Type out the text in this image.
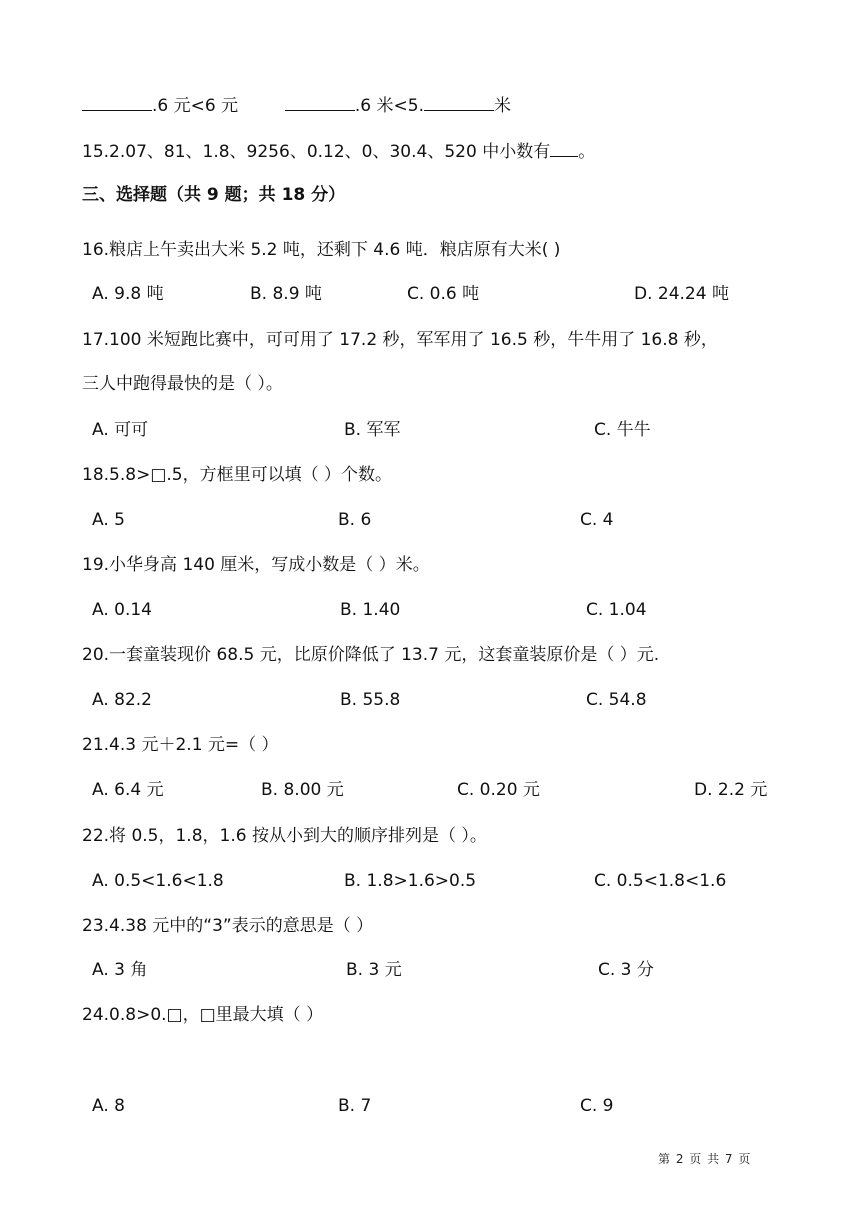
.6 元<6 元	.6 米<5.	米
15.2.07、81、1.8、9256、0.12、0、30.4、520 中小数有 。
三、选择题（共 9 题；共 18 分）
16.粮店上午卖出大米 5.2 吨，还剩下 4.6 吨．粮店原有大米( )
A. 9.8 吨	B. 8.9 吨	C. 0.6 吨	D. 24.24 吨
17.100 米短跑比赛中，可可用了 17.2 秒，军军用了 16.5 秒，牛牛用了 16.8 秒，
三人中跑得最快的是（ ）。
A. 可可	B. 军军	C. 牛牛
18.5.8>□.5，方框里可以填（ ）个数。
A. 5	B. 6	C. 4
19.小华身高 140 厘米，写成小数是（ ）米。
A. 0.14	B. 1.40	C. 1.04
20.一套童装现价 68.5 元，比原价降低了 13.7 元，这套童装原价是（ ）元.
A. 82.2	B. 55.8	C. 54.8
21.4.3 元＋2.1 元=（ ）
A. 6.4 元	B. 8.00 元	C. 0.20 元	D. 2.2 元
22.将 0.5，1.8，1.6 按从小到大的顺序排列是（ ）。
A. 0.5<1.6<1.8	B. 1.8>1.6>0.5	C. 0.5<1.8<1.6
23.4.38 元中的“3”表示的意思是（ ）
A. 3 角	B. 3 元	C. 3 分
24.0.8>0.□，□里最大填（ ）
A. 8	B. 7	C. 9
第 2 页 共 7 页
